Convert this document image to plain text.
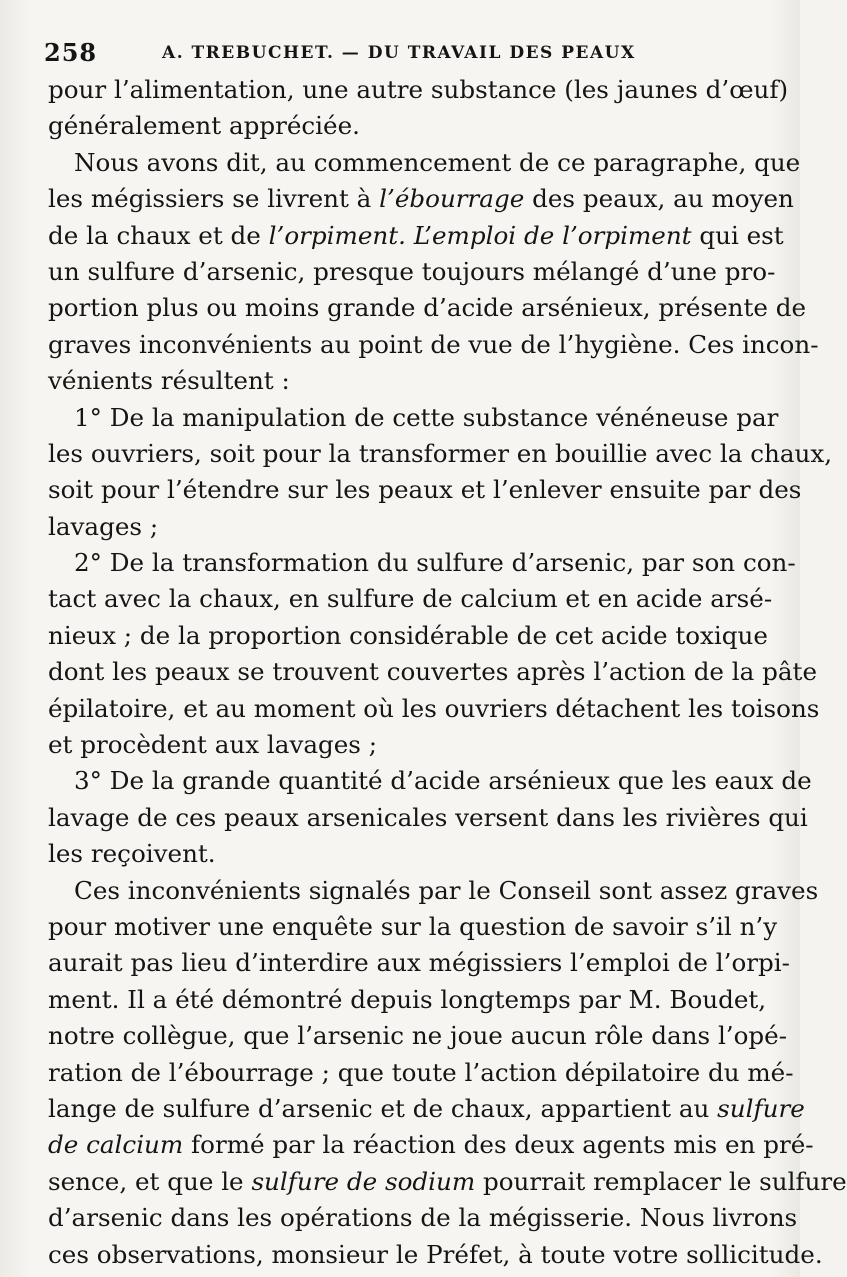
258	A. TREBUCHET. — DU TRAVAIL DES PEAUX
pour l’alimentation, une autre substance (les jaunes d’œuf)
généralement appréciée.
Nous avons dit, au commencement de ce paragraphe, que
les mégissiers se livrent à l’ébourrage des peaux, au moyen
de la chaux et de l’orpiment. L’emploi de l’orpiment qui est
un sulfure d’arsenic, presque toujours mélangé d’une pro-
portion plus ou moins grande d’acide arsénieux, présente de
graves inconvénients au point de vue de l’hygiène. Ces incon-
vénients résultent :
1° De la manipulation de cette substance vénéneuse par
les ouvriers, soit pour la transformer en bouillie avec la chaux,
soit pour l’étendre sur les peaux et l’enlever ensuite par des
lavages ;
2° De la transformation du sulfure d’arsenic, par son con-
tact avec la chaux, en sulfure de calcium et en acide arsé-
nieux ; de la proportion considérable de cet acide toxique
dont les peaux se trouvent couvertes après l’action de la pâte
épilatoire, et au moment où les ouvriers détachent les toisons
et procèdent aux lavages ;
3° De la grande quantité d’acide arsénieux que les eaux de
lavage de ces peaux arsenicales versent dans les rivières qui
les reçoivent.
Ces inconvénients signalés par le Conseil sont assez graves
pour motiver une enquête sur la question de savoir s’il n’y
aurait pas lieu d’interdire aux mégissiers l’emploi de l’orpi-
ment. Il a été démontré depuis longtemps par M. Boudet,
notre collègue, que l’arsenic ne joue aucun rôle dans l’opé-
ration de l’ébourrage ; que toute l’action dépilatoire du mé-
lange de sulfure d’arsenic et de chaux, appartient au sulfure
de calcium formé par la réaction des deux agents mis en pré-
sence, et que le sulfure de sodium pourrait remplacer le sulfure
d’arsenic dans les opérations de la mégisserie. Nous livrons
ces observations, monsieur le Préfet, à toute votre sollicitude.
